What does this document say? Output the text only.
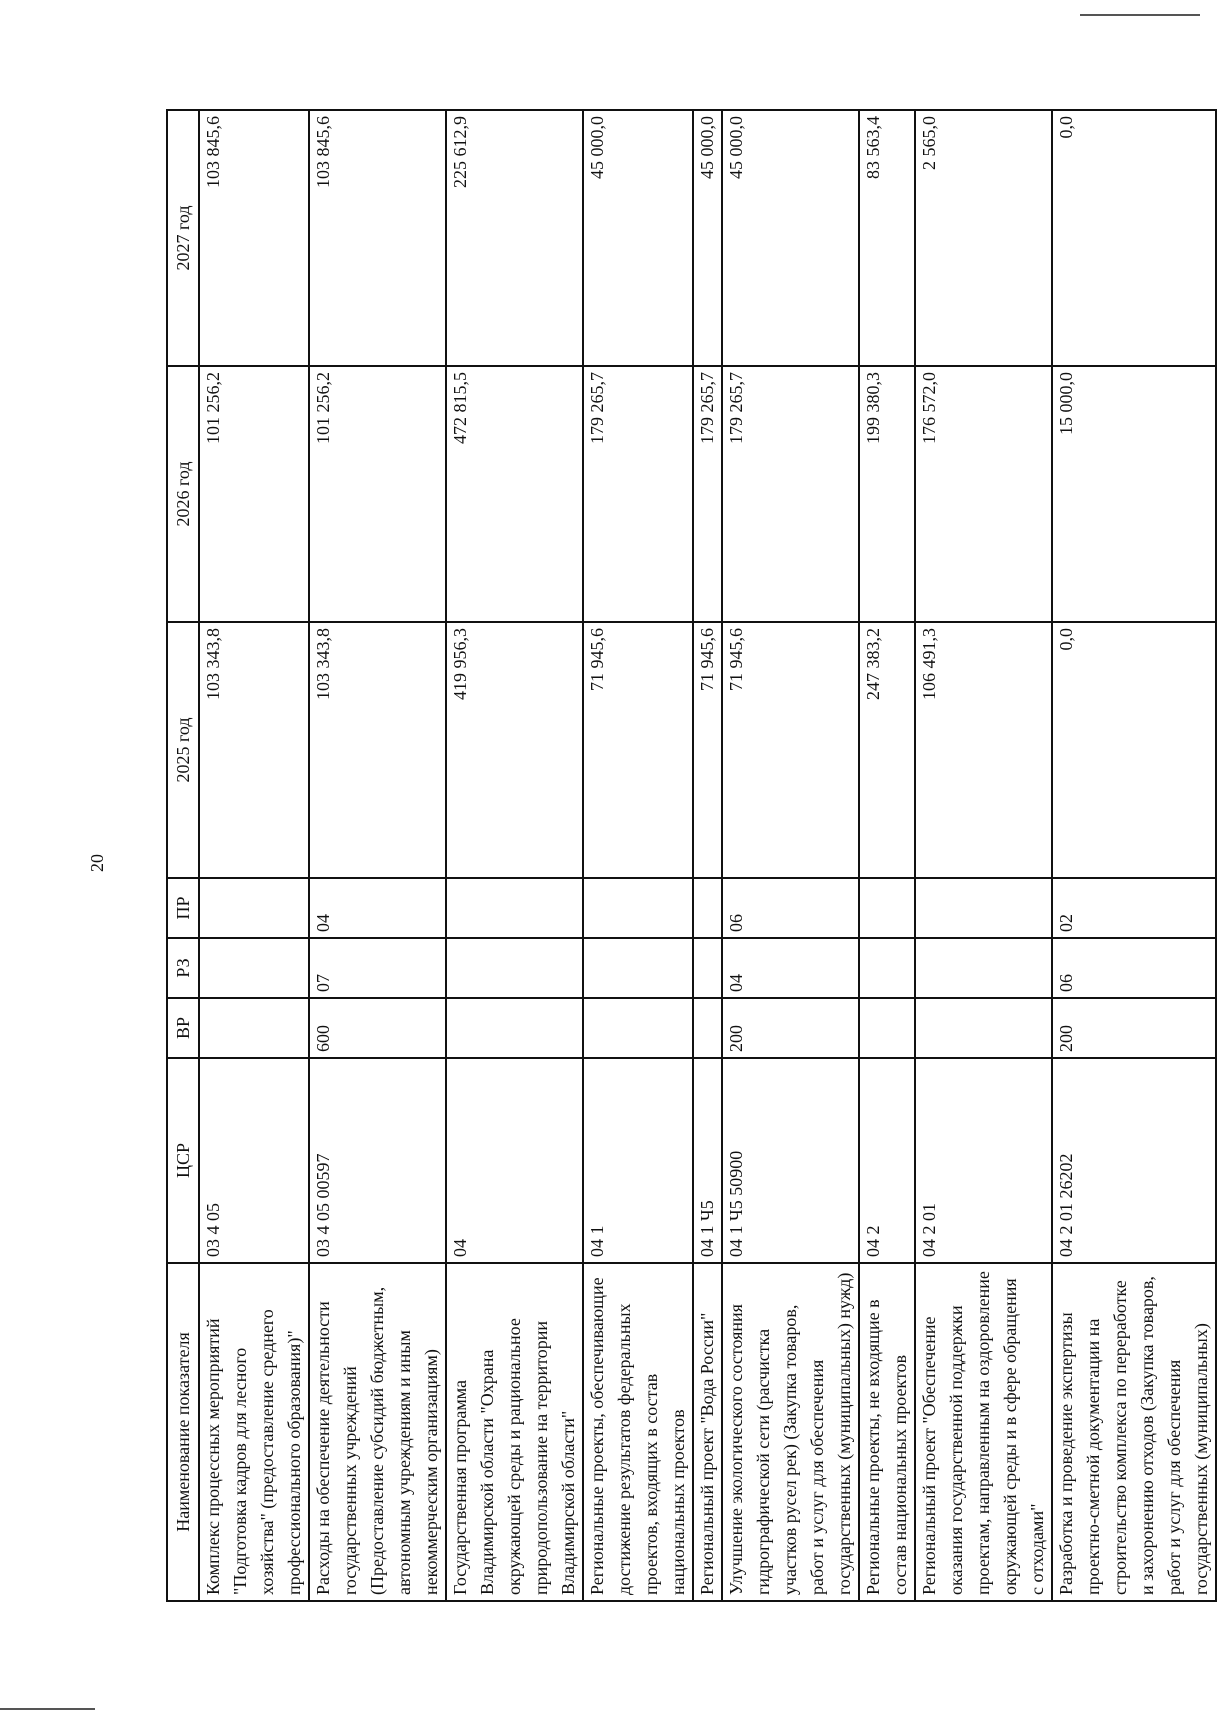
20
Наименование показателя	ЦСР	ВР	РЗ	ПР	2025 год	2026 год	2027 год
Комплекс процессных мероприятий "Подготовка кадров для лесного хозяйства" (предоставление среднего профессионального образования)"	03 4 05				103 343,8	101 256,2	103 845,6
Расходы на обеспечение деятельности государственных учреждений (Предоставление субсидий бюджетным, автономным учреждениям и иным некоммерческим организациям)	03 4 05 00597	600	07	04	103 343,8	101 256,2	103 845,6
Государственная программа Владимирской области "Охрана окружающей среды и рациональное природопользование на территории Владимирской области"	04				419 956,3	472 815,5	225 612,9
Региональные проекты, обеспечивающие достижение результатов федеральных проектов, входящих в состав национальных проектов	04 1				71 945,6	179 265,7	45 000,0
Региональный проект "Вода России"	04 1 Ч5				71 945,6	179 265,7	45 000,0
Улучшение экологического состояния гидрографической сети (расчистка участков русел рек) (Закупка товаров, работ и услуг для обеспечения государственных (муниципальных) нужд)	04 1 Ч5 50900	200	04	06	71 945,6	179 265,7	45 000,0
Региональные проекты, не входящие в состав национальных проектов	04 2				247 383,2	199 380,3	83 563,4
Региональный проект "Обеспечение оказания государственной поддержки проектам, направленным на оздоровление окружающей среды и в сфере обращения с отходами"	04 2 01				106 491,3	176 572,0	2 565,0
Разработка и проведение экспертизы проектно-сметной документации на строительство комплекса по переработке и захоронению отходов (Закупка товаров, работ и услуг для обеспечения государственных (муниципальных)	04 2 01 26202	200	06	02	0,0	15 000,0	0,0
